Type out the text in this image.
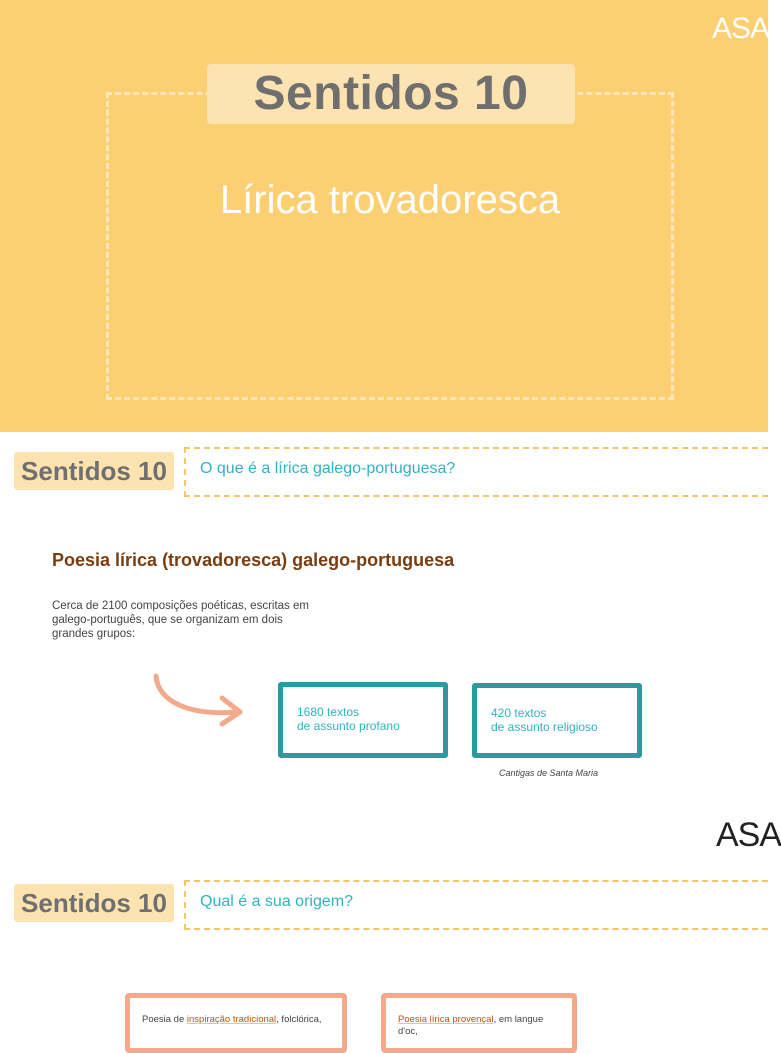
Sentidos 10
Lírica trovadoresca
ASA
Sentidos 10	O que é a lírica galego-portuguesa?
Poesia lírica (trovadoresca) galego-portuguesa
Cerca de 2100 composições poéticas, escritas em galego-português, que se organizam em dois grandes grupos:
1680 textos
de assunto profano
420 textos
de assunto religioso
Cantigas de Santa Maria
ASA
Sentidos 10	Qual é a sua origem?
Poesia de inspiração tradicional, folclórica,	Poesia lírica provençal, em langue d'oc,
